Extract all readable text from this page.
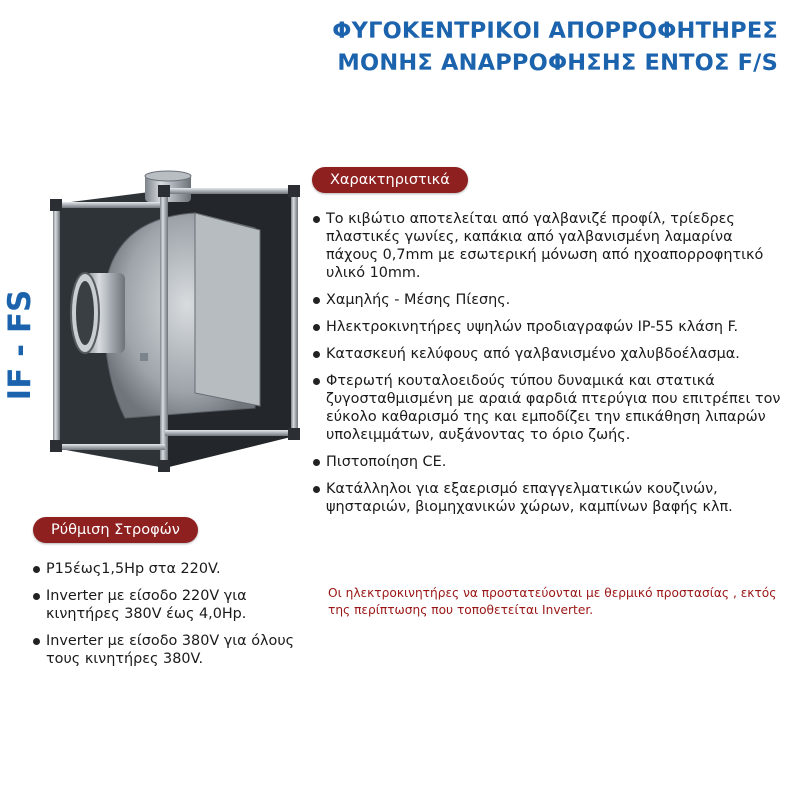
ΦΥΓΟΚΕΝΤΡΙΚΟΙ ΑΠΟΡΡΟΦΗΤΗΡΕΣ
ΜΟΝΗΣ ΑΝΑΡΡΟΦΗΣΗΣ ΕΝΤΟΣ F/S
IF - FS
Χαρακτηριστικά
Το κιβώτιο αποτελείται από γαλβανιζέ προφίλ, τρίεδρες πλαστικές γωνίες, καπάκια από γαλβανισμένη λαμαρίνα πάχους 0,7mm με εσωτερική μόνωση από ηχοαπορροφητικό υλικό 10mm.
Χαμηλής - Μέσης Πίεσης.
Ηλεκτροκινητήρες υψηλών προδιαγραφών IP-55 κλάση F.
Κατασκευή κελύφους από γαλβανισμένο χαλυβδοέλασμα.
Φτερωτή κουταλοειδούς τύπου δυναμικά και στατικά ζυγοσταθμισμένη με αραιά φαρδιά πτερύγια που επιτρέπει τον εύκολο καθαρισμό της και εμποδίζει την επικάθηση λιπαρών υπολειμμάτων, αυξάνοντας το όριο ζωής.
Πιστοποίηση CE.
Κατάλληλοι για εξαερισμό επαγγελματικών κουζινών, ψησταριών, βιομηχανικών χώρων, καμπίνων βαφής κλπ.
Οι ηλεκτροκινητήρες να προστατεύονται με θερμικό προστασίας , εκτός της περίπτωσης που τοποθετείται Inverter.
Ρύθμιση Στροφών
P15έως1,5Hp στα 220V.
Inverter με είσοδο 220V για κινητήρες 380V έως 4,0Hp.
Inverter με είσοδο 380V για όλους τους κινητήρες 380V.
